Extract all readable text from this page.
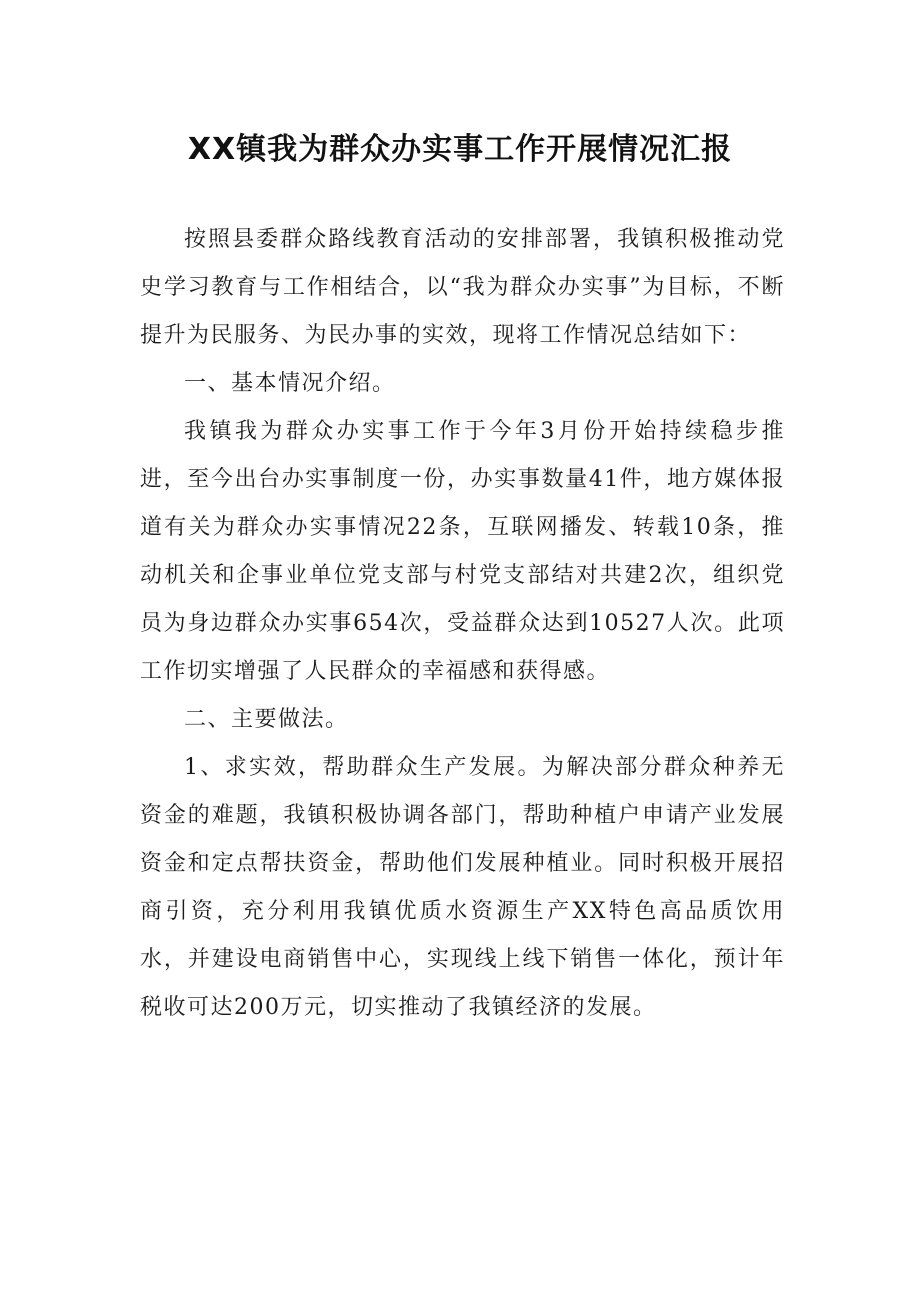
XX镇我为群众办实事工作开展情况汇报

按照县委群众路线教育活动的安排部署，我镇积极推动党史学习教育与工作相结合，以“我为群众办实事”为目标，不断提升为民服务、为民办事的实效，现将工作情况总结如下：

一、基本情况介绍。

我镇我为群众办实事工作于今年3月份开始持续稳步推进，至今出台办实事制度一份，办实事数量41件，地方媒体报道有关为群众办实事情况22条，互联网播发、转载10条，推动机关和企事业单位党支部与村党支部结对共建2次，组织党员为身边群众办实事654次，受益群众达到10527人次。此项工作切实增强了人民群众的幸福感和获得感。

二、主要做法。

1、求实效，帮助群众生产发展。为解决部分群众种养无资金的难题，我镇积极协调各部门，帮助种植户申请产业发展资金和定点帮扶资金，帮助他们发展种植业。同时积极开展招商引资，充分利用我镇优质水资源生产XX特色高品质饮用水，并建设电商销售中心，实现线上线下销售一体化，预计年税收可达200万元，切实推动了我镇经济的发展。
